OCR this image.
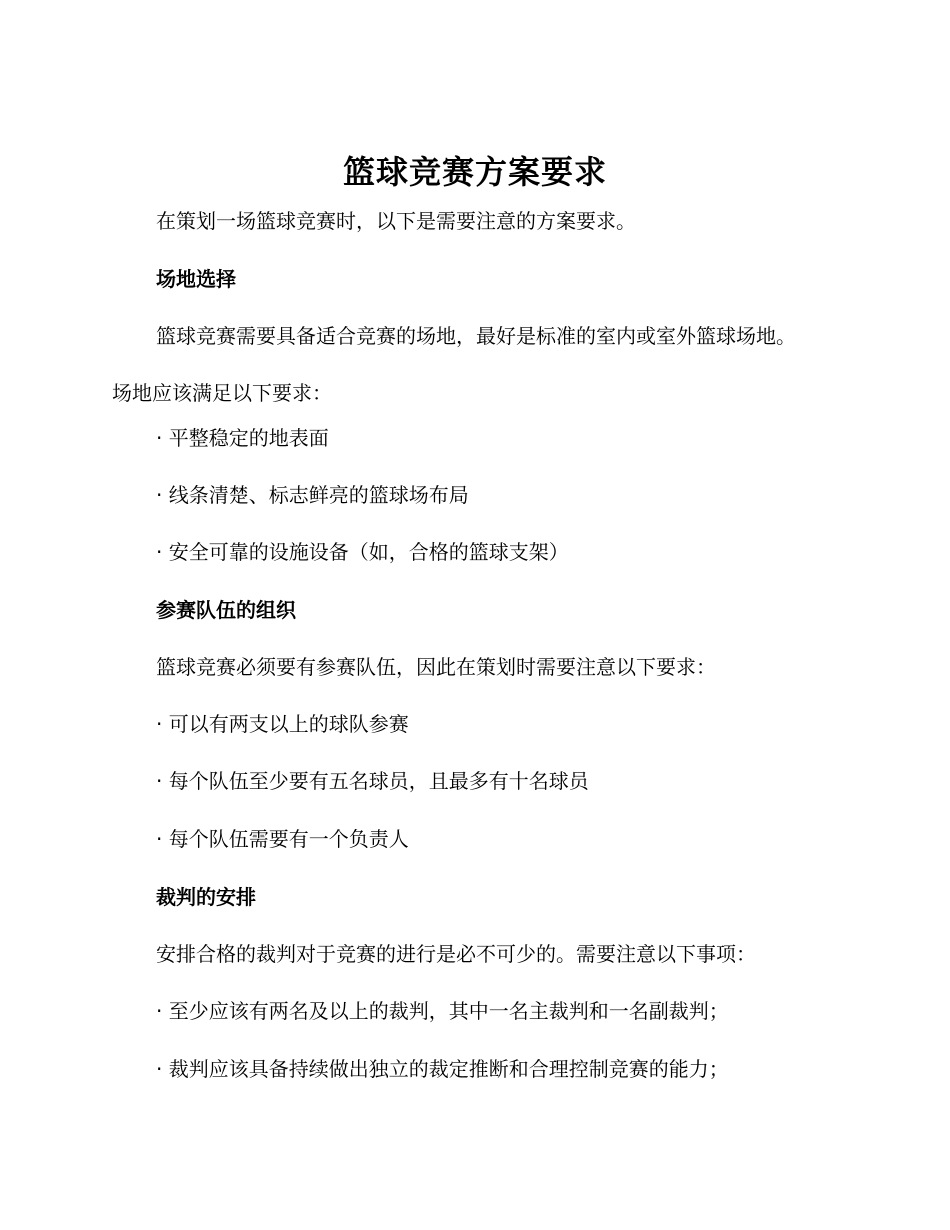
篮球竞赛方案要求
在策划一场篮球竞赛时，以下是需要注意的方案要求。
场地选择
篮球竞赛需要具备适合竞赛的场地，最好是标准的室内或室外篮球场地。场地应该满足以下要求：
· 平整稳定的地表面
· 线条清楚、标志鲜亮的篮球场布局
· 安全可靠的设施设备（如，合格的篮球支架）
参赛队伍的组织
篮球竞赛必须要有参赛队伍，因此在策划时需要注意以下要求：
· 可以有两支以上的球队参赛
· 每个队伍至少要有五名球员，且最多有十名球员
· 每个队伍需要有一个负责人
裁判的安排
安排合格的裁判对于竞赛的进行是必不可少的。需要注意以下事项：
· 至少应该有两名及以上的裁判，其中一名主裁判和一名副裁判；
· 裁判应该具备持续做出独立的裁定推断和合理控制竞赛的能力；
